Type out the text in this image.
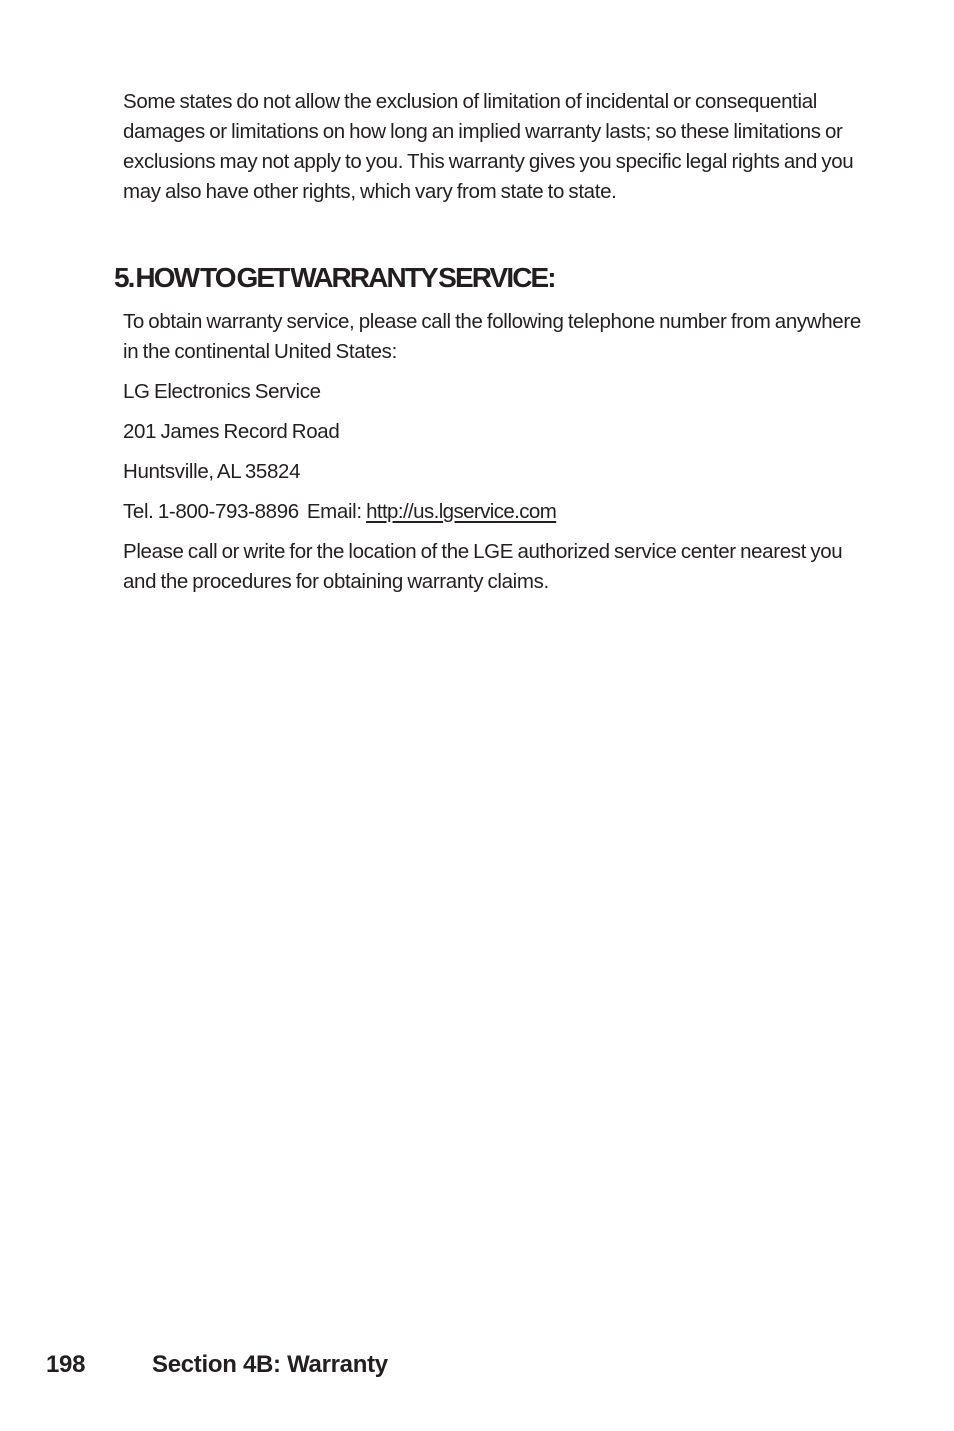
Some states do not allow the exclusion of limitation of incidental or consequential damages or limitations on how long an implied warranty lasts; so these limitations or exclusions may not apply to you. This warranty gives you specific legal rights and you may also have other rights, which vary from state to state.

5. HOW TO GET WARRANTY SERVICE:

To obtain warranty service, please call the following telephone number from anywhere in the continental United States:

LG Electronics Service

201 James Record Road

Huntsville, AL 35824

Tel. 1-800-793-8896 Email: http://us.lgservice.com

Please call or write for the location of the LGE authorized service center nearest you and the procedures for obtaining warranty claims.

198	Section 4B: Warranty
